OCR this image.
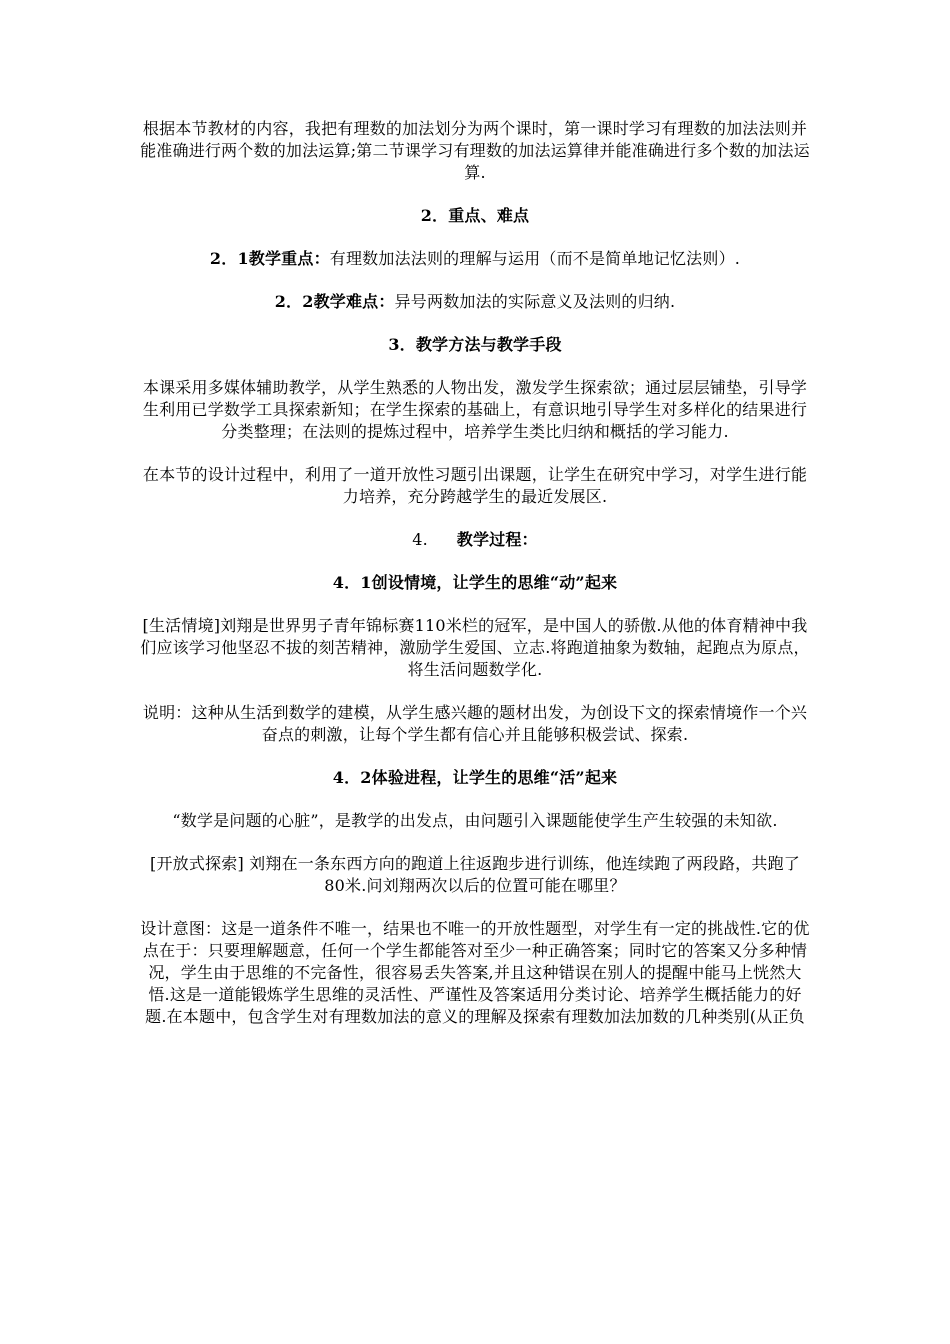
根据本节教材的内容，我把有理数的加法划分为两个课时，第一课时学习有理数的加法法则并能准确进行两个数的加法运算;第二节课学习有理数的加法运算律并能准确进行多个数的加法运算.

2．重点、难点

2．1教学重点：有理数加法法则的理解与运用（而不是简单地记忆法则）.

2．2教学难点：异号两数加法的实际意义及法则的归纳.

3．教学方法与教学手段

本课采用多媒体辅助教学，从学生熟悉的人物出发，激发学生探索欲；通过层层铺垫，引导学生利用已学数学工具探索新知；在学生探索的基础上，有意识地引导学生对多样化的结果进行分类整理；在法则的提炼过程中，培养学生类比归纳和概括的学习能力.

在本节的设计过程中，利用了一道开放性习题引出课题，让学生在研究中学习，对学生进行能力培养，充分跨越学生的最近发展区.

4. 教学过程：

4．1创设情境，让学生的思维“动”起来

[生活情境]刘翔是世界男子青年锦标赛110米栏的冠军，是中国人的骄傲.从他的体育精神中我们应该学习他坚忍不拔的刻苦精神，激励学生爱国、立志.将跑道抽象为数轴，起跑点为原点，将生活问题数学化.

说明：这种从生活到数学的建模，从学生感兴趣的题材出发，为创设下文的探索情境作一个兴奋点的刺激，让每个学生都有信心并且能够积极尝试、探索.

4．2体验进程，让学生的思维“活”起来

“数学是问题的心脏”，是教学的出发点，由问题引入课题能使学生产生较强的未知欲.

[开放式探索] 刘翔在一条东西方向的跑道上往返跑步进行训练，他连续跑了两段路，共跑了80米.问刘翔两次以后的位置可能在哪里？

设计意图：这是一道条件不唯一，结果也不唯一的开放性题型，对学生有一定的挑战性.它的优点在于：只要理解题意，任何一个学生都能答对至少一种正确答案；同时它的答案又分多种情况，学生由于思维的不完备性，很容易丢失答案,并且这种错误在别人的提醒中能马上恍然大悟.这是一道能锻炼学生思维的灵活性、严谨性及答案适用分类讨论、培养学生概括能力的好题.在本题中，包含学生对有理数加法的意义的理解及探索有理数加法加数的几种类别(从正负
